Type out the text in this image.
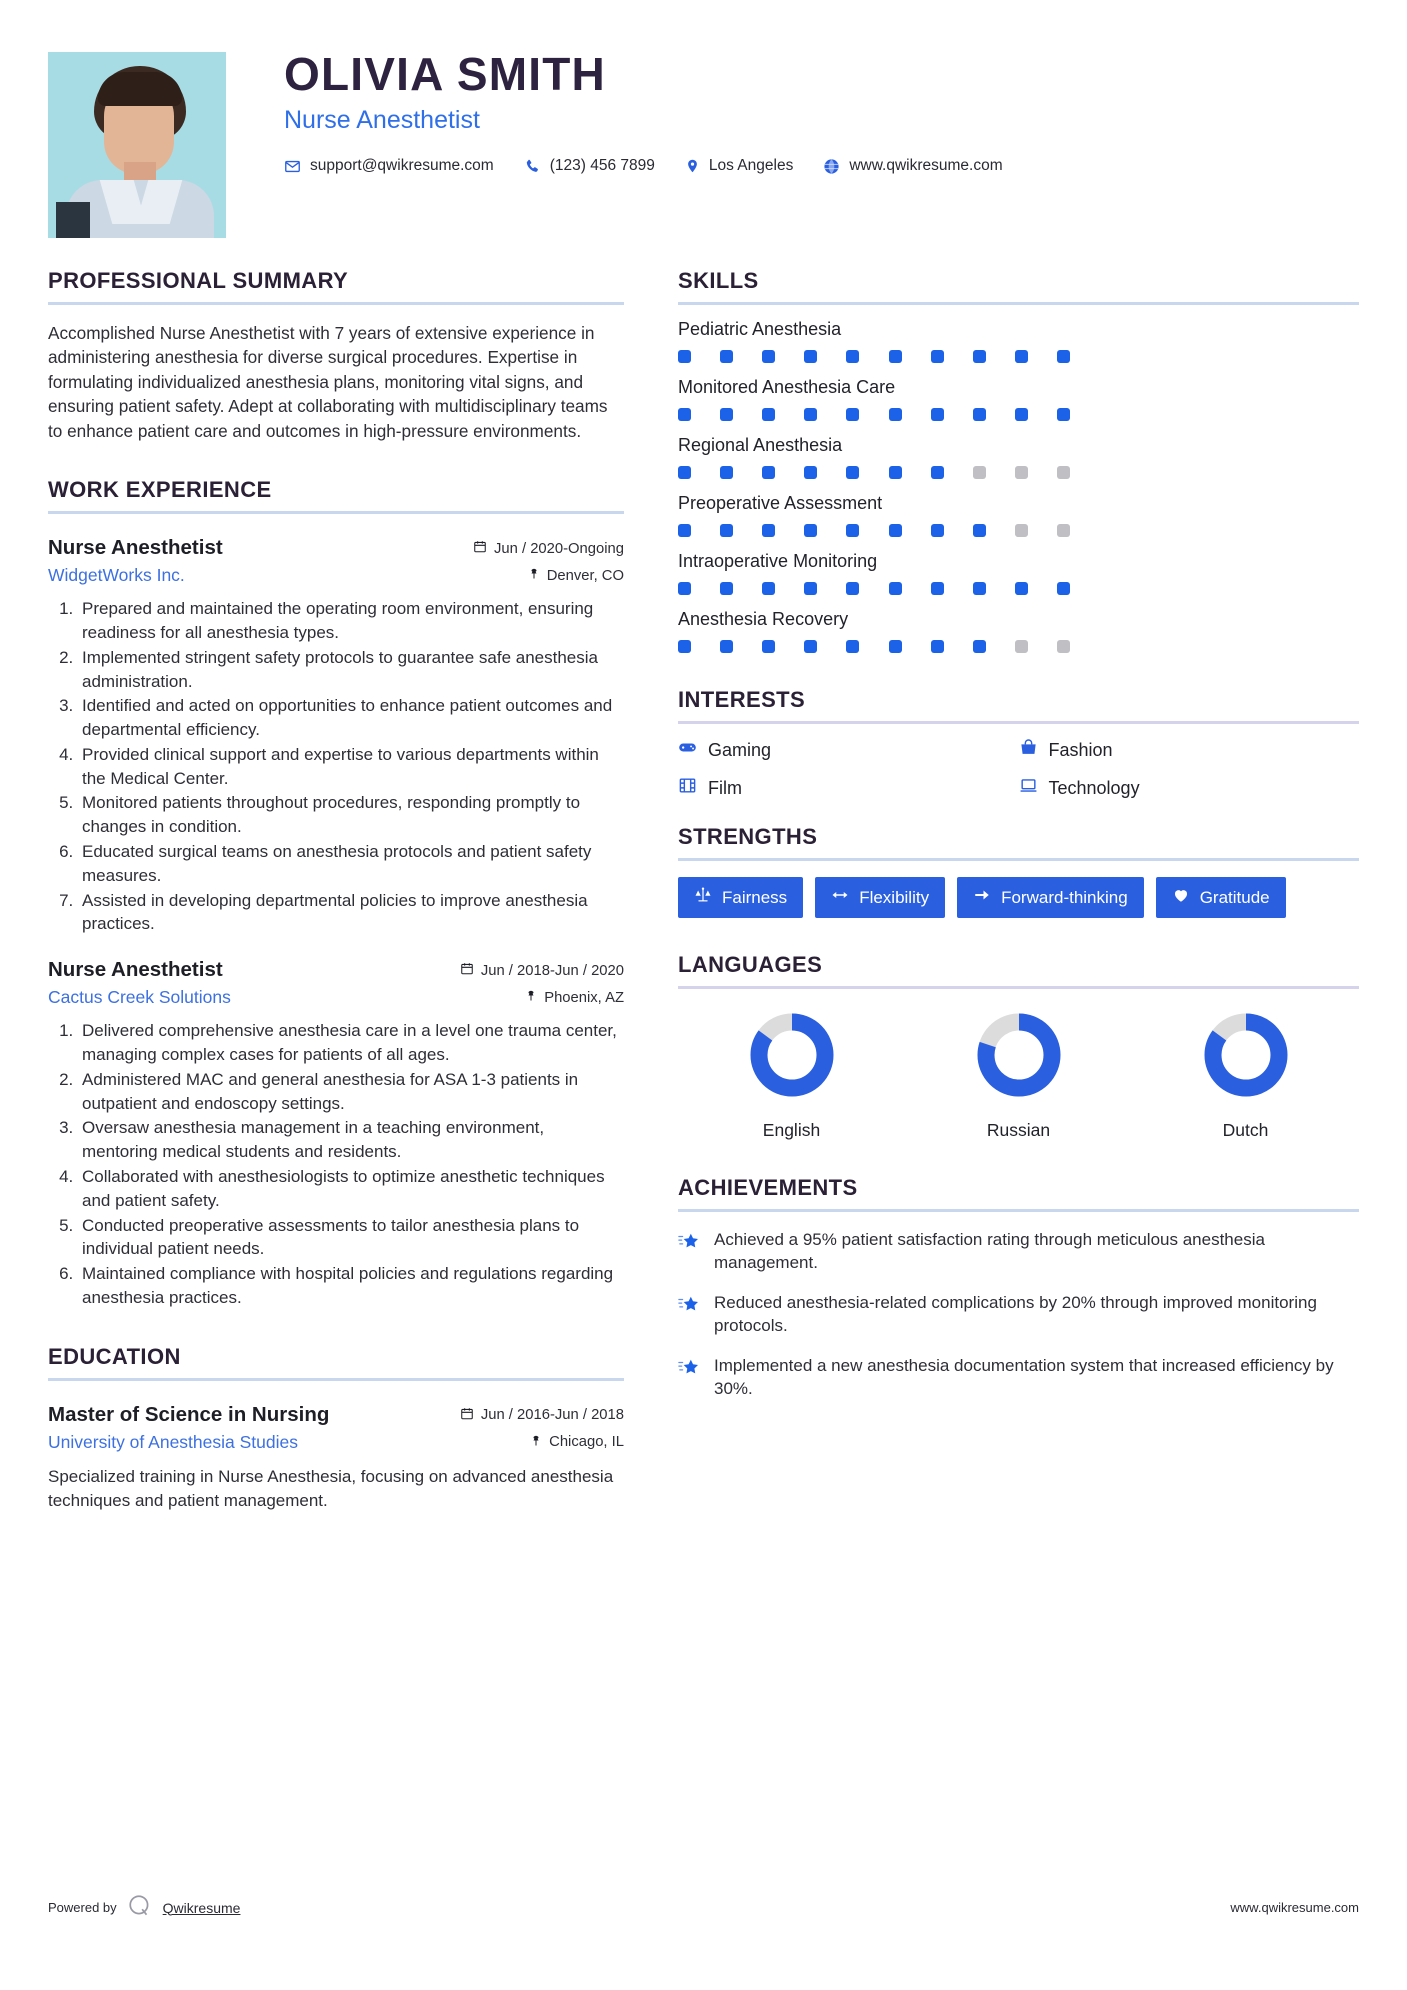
OLIVIA SMITH
Nurse Anesthetist
support@qwikresume.com	(123) 456 7899	Los Angeles	www.qwikresume.com
PROFESSIONAL SUMMARY
Accomplished Nurse Anesthetist with 7 years of extensive experience in administering anesthesia for diverse surgical procedures. Expertise in formulating individualized anesthesia plans, monitoring vital signs, and ensuring patient safety. Adept at collaborating with multidisciplinary teams to enhance patient care and outcomes in high-pressure environments.
WORK EXPERIENCE
Nurse Anesthetist	Jun / 2020-Ongoing
WidgetWorks Inc.	Denver, CO
1. Prepared and maintained the operating room environment, ensuring readiness for all anesthesia types.
2. Implemented stringent safety protocols to guarantee safe anesthesia administration.
3. Identified and acted on opportunities to enhance patient outcomes and departmental efficiency.
4. Provided clinical support and expertise to various departments within the Medical Center.
5. Monitored patients throughout procedures, responding promptly to changes in condition.
6. Educated surgical teams on anesthesia protocols and patient safety measures.
7. Assisted in developing departmental policies to improve anesthesia practices.
Nurse Anesthetist	Jun / 2018-Jun / 2020
Cactus Creek Solutions	Phoenix, AZ
1. Delivered comprehensive anesthesia care in a level one trauma center, managing complex cases for patients of all ages.
2. Administered MAC and general anesthesia for ASA 1-3 patients in outpatient and endoscopy settings.
3. Oversaw anesthesia management in a teaching environment, mentoring medical students and residents.
4. Collaborated with anesthesiologists to optimize anesthetic techniques and patient safety.
5. Conducted preoperative assessments to tailor anesthesia plans to individual patient needs.
6. Maintained compliance with hospital policies and regulations regarding anesthesia practices.
EDUCATION
Master of Science in Nursing	Jun / 2016-Jun / 2018
University of Anesthesia Studies	Chicago, IL
Specialized training in Nurse Anesthesia, focusing on advanced anesthesia techniques and patient management.
SKILLS
Pediatric Anesthesia
Monitored Anesthesia Care
Regional Anesthesia
Preoperative Assessment
Intraoperative Monitoring
Anesthesia Recovery
INTERESTS
Gaming	Fashion
Film	Technology
STRENGTHS
Fairness	Flexibility	Forward-thinking	Gratitude
LANGUAGES
English	Russian	Dutch
ACHIEVEMENTS
Achieved a 95% patient satisfaction rating through meticulous anesthesia management.
Reduced anesthesia-related complications by 20% through improved monitoring protocols.
Implemented a new anesthesia documentation system that increased efficiency by 30%.
Powered by	Qwikresume	www.qwikresume.com
